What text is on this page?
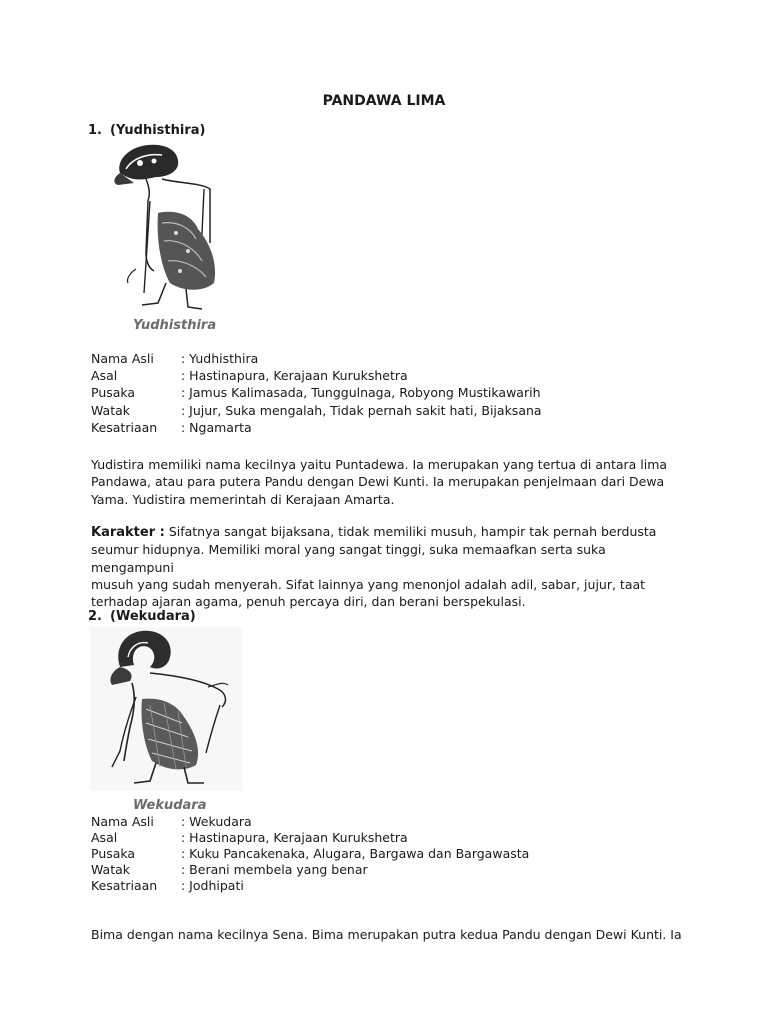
PANDAWA LIMA
1. (Yudhisthira)
Yudhisthira
Nama Asli : Yudhisthira
Asal	: Hastinapura, Kerajaan Kurukshetra
Pusaka	: Jamus Kalimasada, Tunggulnaga, Robyong Mustikawarih
Watak	: Jujur, Suka mengalah, Tidak pernah sakit hati, Bijaksana
Kesatriaan : Ngamarta
Yudistira memiliki nama kecilnya yaitu Puntadewa. Ia merupakan yang tertua di antara lima
Pandawa, atau para putera Pandu dengan Dewi Kunti. Ia merupakan penjelmaan dari Dewa
Yama. Yudistira memerintah di Kerajaan Amarta.
Karakter : Sifatnya sangat bijaksana, tidak memiliki musuh, hampir tak pernah berdusta
seumur hidupnya. Memiliki moral yang sangat tinggi, suka memaafkan serta suka mengampuni
musuh yang sudah menyerah. Sifat lainnya yang menonjol adalah adil, sabar, jujur, taat
terhadap ajaran agama, penuh percaya diri, dan berani berspekulasi.
2. (Wekudara)
Wekudara
Nama Asli : Wekudara
Asal	: Hastinapura, Kerajaan Kurukshetra
Pusaka	: Kuku Pancakenaka, Alugara, Bargawa dan Bargawasta
Watak	: Berani membela yang benar
Kesatriaan : Jodhipati
Bima dengan nama kecilnya Sena. Bima merupakan putra kedua Pandu dengan Dewi Kunti. Ia
